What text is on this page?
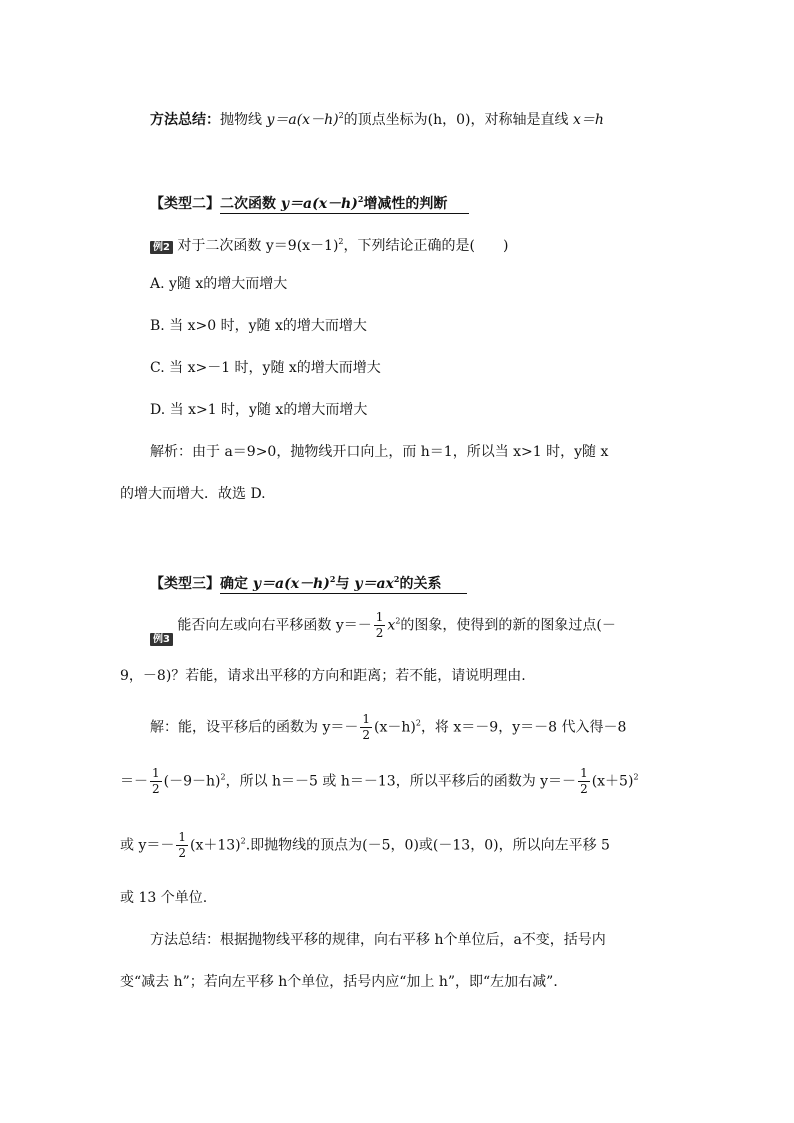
方法总结：抛物线 $y=a(x-h)^2$的顶点坐标为(h，0)，对称轴是直线 x＝h
【类型二】二次函数 $y=a(x-h)^2$增减性的判断
例2 对于二次函数 $y=9(x-1)^2$，下列结论正确的是(　　)
A. y随 x的增大而增大
B. 当 x>0 时，y随 x的增大而增大
C. 当 x>－1 时，y随 x的增大而增大
D. 当 x>1 时，y随 x的增大而增大
解析：由于 a＝9>0，抛物线开口向上，而 h＝1，所以当 x>1 时，y随 x
的增大而增大．故选 D.
【类型三】确定 $y=a(x-h)^2$与 $y=ax^2$的关系
例3 能否向左或向右平移函数 $y=- \frac{1}{2} x^2$的图象，使得到的新的图象过点(－
9，－8)？若能，请求出平移的方向和距离；若不能，请说明理由.
解：能，设平移后的函数为 $y=- \frac{1}{2} (x-h)^2$，将 x＝－9，y＝－8 代入得－8
＝－ $\frac{1}{2} (-9-h)^2$，所以 h＝－5 或 h＝－13，所以平移后的函数为 $y=- \frac{1}{2} (x+5)^2$
或 $y=- \frac{1}{2} (x+13)^2$.即抛物线的顶点为(－5，0)或(－13，0)，所以向左平移 5
或 13 个单位.
方法总结：根据抛物线平移的规律，向右平移 h个单位后，a不变，括号内
变“减去 h”；若向左平移 h个单位，括号内应“加上 h”，即“左加右减”．
